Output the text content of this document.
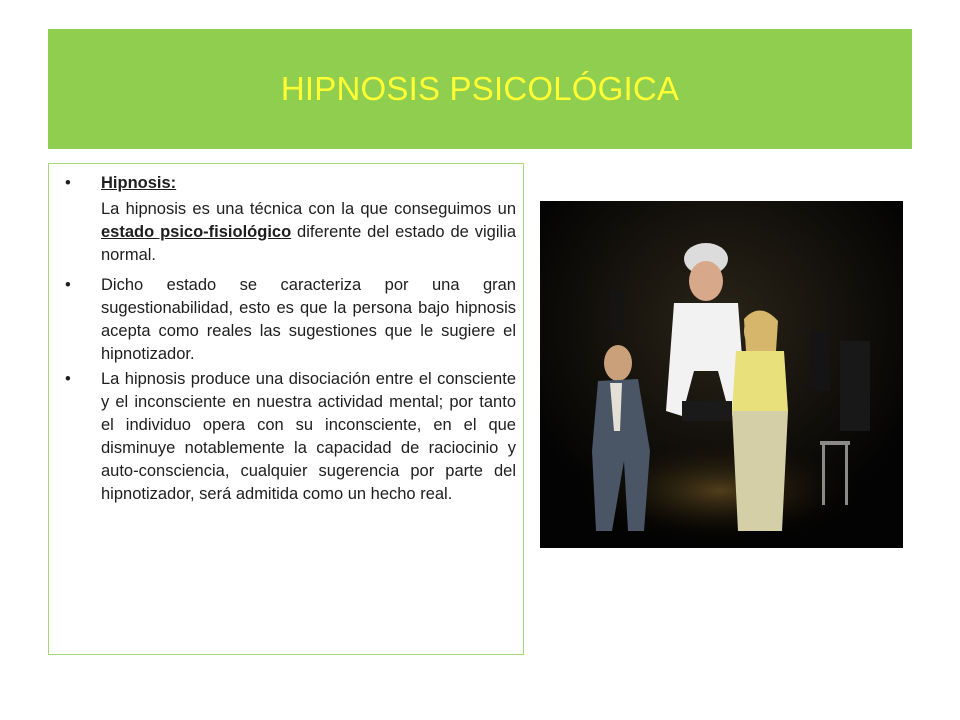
HIPNOSIS PSICOLÓGICA
• Hipnosis:
La hipnosis es una técnica con la que conseguimos un estado psico-fisiológico diferente del estado de vigilia normal.
• Dicho estado se caracteriza por una gran sugestionabilidad, esto es que la persona bajo hipnosis acepta como reales las sugestiones que le sugiere el hipnotizador.
• La hipnosis produce una disociación entre el consciente y el inconsciente en nuestra actividad mental; por tanto el individuo opera con su inconsciente, en el que disminuye notablemente la capacidad de raciocinio y auto-consciencia, cualquier sugerencia por parte del hipnotizador, será admitida como un hecho real.
